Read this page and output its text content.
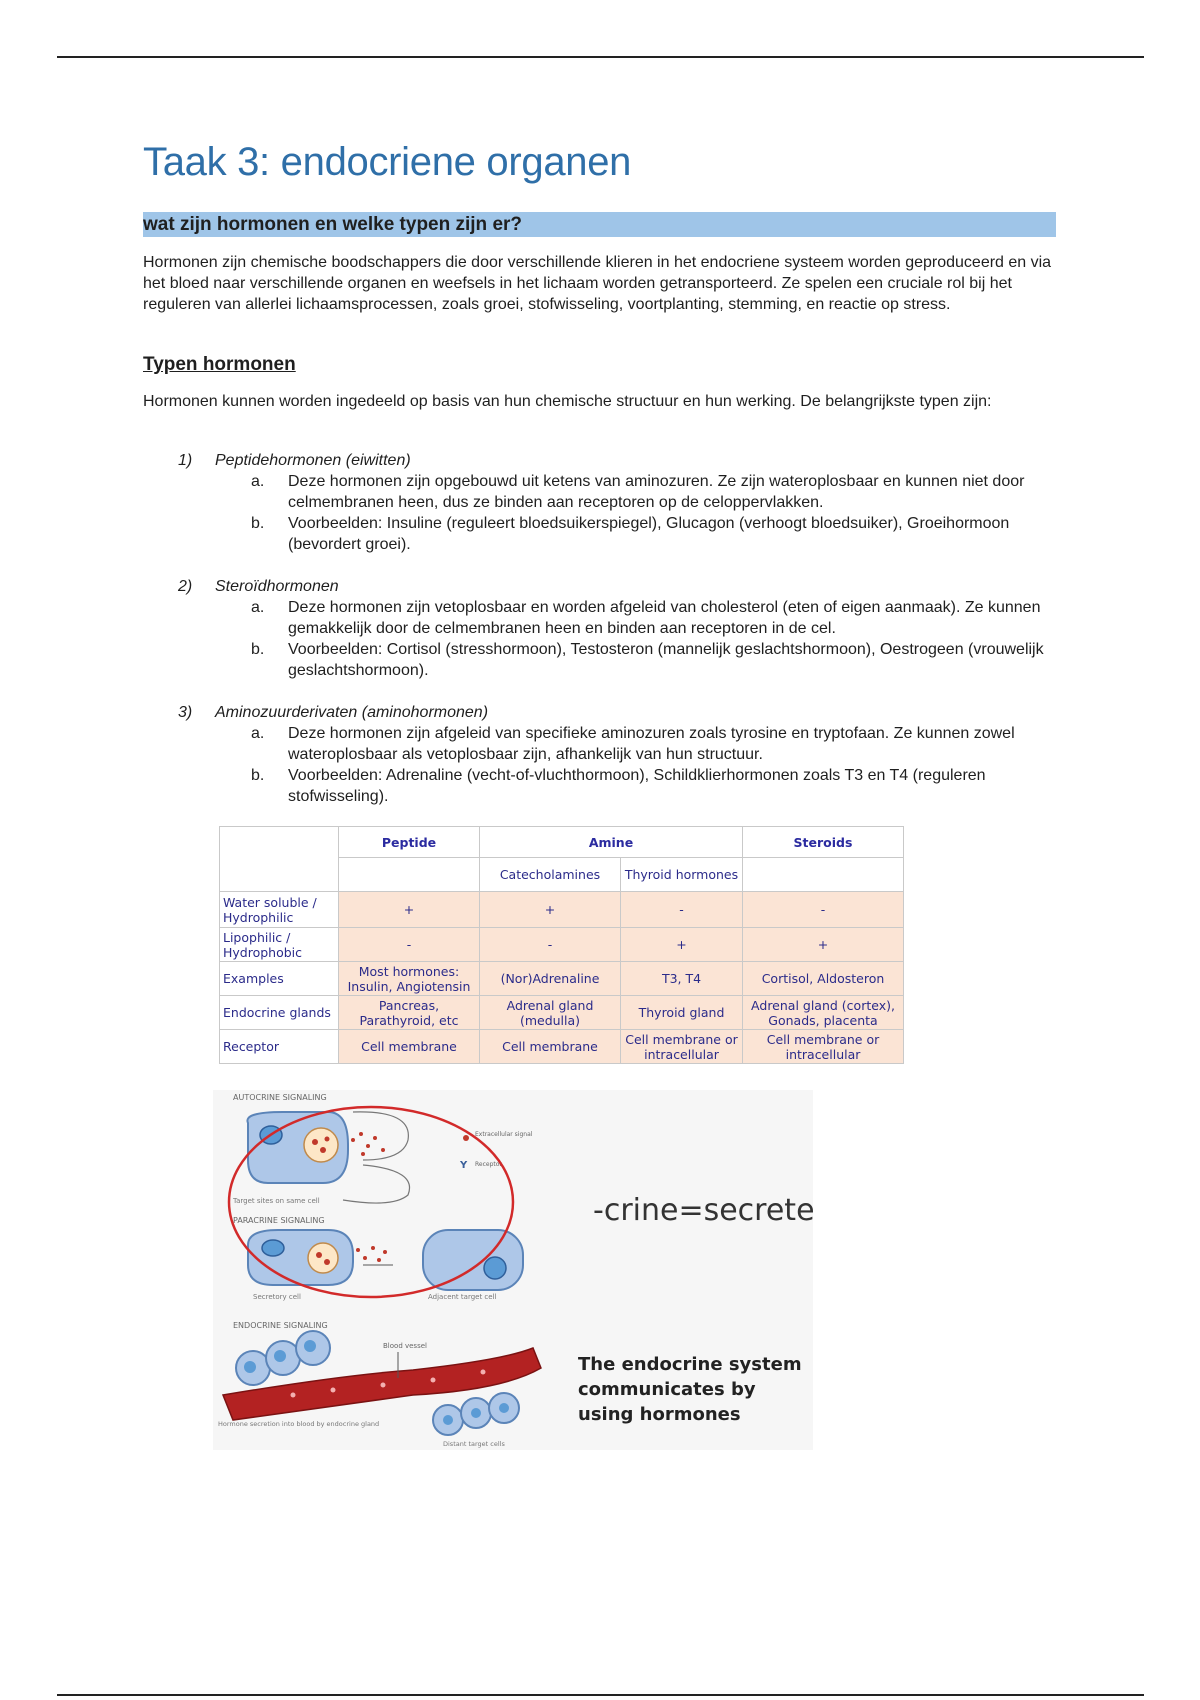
Taak 3: endocriene organen
wat zijn hormonen en welke typen zijn er?

Hormonen zijn chemische boodschappers die door verschillende klieren in het endocriene systeem worden geproduceerd en via het bloed naar verschillende organen en weefsels in het lichaam worden getransporteerd. Ze spelen een cruciale rol bij het reguleren van allerlei lichaamsprocessen, zoals groei, stofwisseling, voortplanting, stemming, en reactie op stress.

Typen hormonen

Hormonen kunnen worden ingedeeld op basis van hun chemische structuur en hun werking. De belangrijkste typen zijn:

1) Peptidehormonen (eiwitten)
a. Deze hormonen zijn opgebouwd uit ketens van aminozuren. Ze zijn wateroplosbaar en kunnen niet door celmembranen heen, dus ze binden aan receptoren op de celoppervlakken.
b. Voorbeelden: Insuline (reguleert bloedsuikerspiegel), Glucagon (verhoogt bloedsuiker), Groeihormoon (bevordert groei).
2) Steroïdhormonen
a. Deze hormonen zijn vetoplosbaar en worden afgeleid van cholesterol (eten of eigen aanmaak). Ze kunnen gemakkelijk door de celmembranen heen en binden aan receptoren in de cel.
b. Voorbeelden: Cortisol (stresshormoon), Testosteron (mannelijk geslachtshormoon), Oestrogeen (vrouwelijk geslachtshormoon).
3) Aminozuurderivaten (aminohormonen)
a. Deze hormonen zijn afgeleid van specifieke aminozuren zoals tyrosine en tryptofaan. Ze kunnen zowel wateroplosbaar als vetoplosbaar zijn, afhankelijk van hun structuur.
b. Voorbeelden: Adrenaline (vecht-of-vluchthormoon), Schildklierhormonen zoals T3 en T4 (reguleren stofwisseling).
	Peptide	Amine		Steroids
		Catecholamines	Thyroid hormones	
Water soluble / Hydrophilic	+	+	-	-
Lipophilic / Hydrophobic	-	-	+	+
Examples	Most hormones: Insulin, Angiotensin	(Nor)Adrenaline	T3, T4	Cortisol, Aldosteron
Endocrine glands	Pancreas, Parathyroid, etc	Adrenal gland (medulla)	Thyroid gland	Adrenal gland (cortex), Gonads, placenta
Receptor	Cell membrane	Cell membrane	Cell membrane or intracellular	Cell membrane or intracellular
AUTOCRINE SIGNALING
Target sites on same cell
Extracellular signal
Y Receptor
PARACRINE SIGNALING
Secretory cell	Adjacent target cell
ENDOCRINE SIGNALING
Blood vessel
Hormone secretion into blood by endocrine gland
Distant target cells
-crine=secrete
The endocrine system communicates by using hormones
